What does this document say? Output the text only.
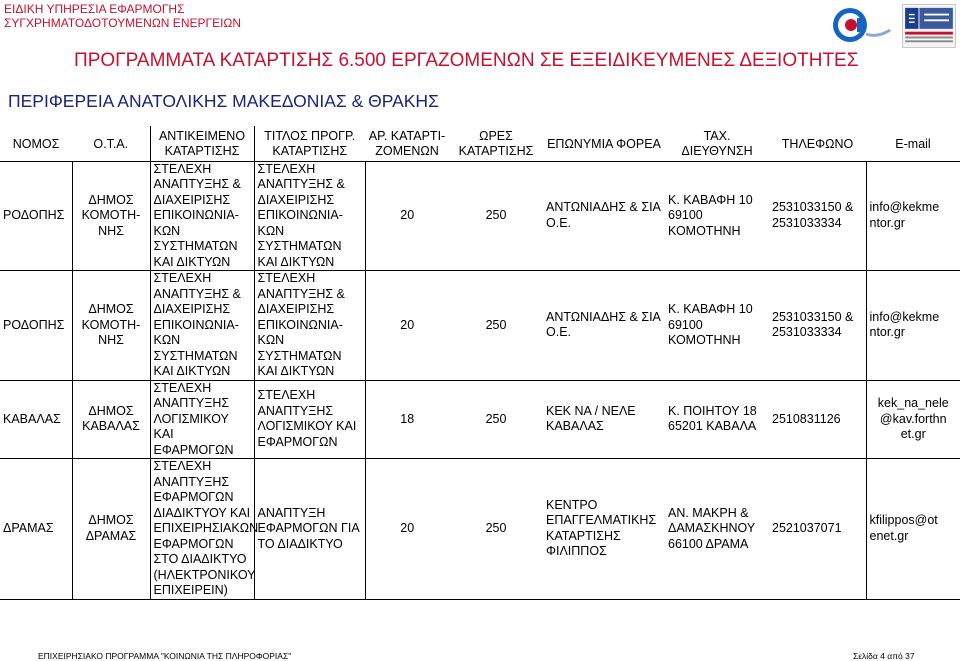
ΕΙΔΙΚΗ ΥΠΗΡΕΣΙΑ ΕΦΑΡΜΟΓΗΣ
ΣΥΓΧΡΗΜΑΤΟΔΟΤΟΥΜΕΝΩΝ ΕΝΕΡΓΕΙΩΝ
ΠΡΟΓΡΑΜΜΑΤΑ ΚΑΤΑΡΤΙΣΗΣ 6.500 ΕΡΓΑΖΟΜΕΝΩΝ ΣΕ ΕΞΕΙΔΙΚΕΥΜΕΝΕΣ ΔΕΞΙΟΤΗΤΕΣ
ΠΕΡΙΦΕΡΕΙΑ ΑΝΑΤΟΛΙΚΗΣ ΜΑΚΕΔΟΝΙΑΣ & ΘΡΑΚΗΣ
ΝΟΜΟΣ	Ο.Τ.Α.	ΑΝΤΙΚΕΙΜΕΝΟ ΚΑΤΑΡΤΙΣΗΣ	ΤΙΤΛΟΣ ΠΡΟΓΡ. ΚΑΤΑΡΤΙΣΗΣ	ΑΡ. ΚΑΤΑΡΤΙ-ΖΟΜΕΝΩΝ	ΩΡΕΣ ΚΑΤΑΡΤΙΣΗΣ	ΕΠΩΝΥΜΙΑ ΦΟΡΕΑ	ΤΑΧ. ΔΙΕΥΘΥΝΣΗ	ΤΗΛΕΦΩΝΟ	E-mail
ΡΟΔΟΠΗΣ	ΔΗΜΟΣ ΚΟΜΟΤΗ-ΝΗΣ	ΣΤΕΛΕΧΗ ΑΝΑΠΤΥΞΗΣ & ΔΙΑΧΕΙΡΙΣΗΣ ΕΠΙΚΟΙΝΩΝΙΑ-ΚΩΝ ΣΥΣΤΗΜΑΤΩΝ ΚΑΙ ΔΙΚΤΥΩΝ	ΣΤΕΛΕΧΗ ΑΝΑΠΤΥΞΗΣ & ΔΙΑΧΕΙΡΙΣΗΣ ΕΠΙΚΟΙΝΩΝΙΑ-ΚΩΝ ΣΥΣΤΗΜΑΤΩΝ ΚΑΙ ΔΙΚΤΥΩΝ	20	250	ΑΝΤΩΝΙΑΔΗΣ & ΣΙΑ Ο.Ε.	Κ. ΚΑΒΑΦΗ 10 69100 ΚΟΜΟΤΗΝΗ	2531033150 & 2531033334	info@kekme ntor.gr
ΡΟΔΟΠΗΣ	ΔΗΜΟΣ ΚΟΜΟΤΗ-ΝΗΣ	ΣΤΕΛΕΧΗ ΑΝΑΠΤΥΞΗΣ & ΔΙΑΧΕΙΡΙΣΗΣ ΕΠΙΚΟΙΝΩΝΙΑ-ΚΩΝ ΣΥΣΤΗΜΑΤΩΝ ΚΑΙ ΔΙΚΤΥΩΝ	ΣΤΕΛΕΧΗ ΑΝΑΠΤΥΞΗΣ & ΔΙΑΧΕΙΡΙΣΗΣ ΕΠΙΚΟΙΝΩΝΙΑ-ΚΩΝ ΣΥΣΤΗΜΑΤΩΝ ΚΑΙ ΔΙΚΤΥΩΝ	20	250	ΑΝΤΩΝΙΑΔΗΣ & ΣΙΑ Ο.Ε.	Κ. ΚΑΒΑΦΗ 10 69100 ΚΟΜΟΤΗΝΗ	2531033150 & 2531033334	info@kekme ntor.gr
ΚΑΒΑΛΑΣ	ΔΗΜΟΣ ΚΑΒΑΛΑΣ	ΣΤΕΛΕΧΗ ΑΝΑΠΤΥΞΗΣ ΛΟΓΙΣΜΙΚΟΥ ΚΑΙ ΕΦΑΡΜΟΓΩΝ	ΣΤΕΛΕΧΗ ΑΝΑΠΤΥΞΗΣ ΛΟΓΙΣΜΙΚΟΥ ΚΑΙ ΕΦΑΡΜΟΓΩΝ	18	250	ΚΕΚ ΝΑ / ΝΕΛΕ ΚΑΒΑΛΑΣ	Κ. ΠΟΙΗΤΟΥ 18 65201 ΚΑΒΑΛΑ	2510831126	kek_na_nele @kav.forthn et.gr
ΔΡΑΜΑΣ	ΔΗΜΟΣ ΔΡΑΜΑΣ	ΣΤΕΛΕΧΗ ΑΝΑΠΤΥΞΗΣ ΕΦΑΡΜΟΓΩΝ ΔΙΑΔΙΚΤΥΟΥ ΚΑΙ ΕΠΙΧΕΙΡΗΣΙΑΚΩΝ ΕΦΑΡΜΟΓΩΝ ΣΤΟ ΔΙΑΔΙΚΤΥΟ (ΗΛΕΚΤΡΟΝΙΚΟΥ ΕΠΙΧΕΙΡΕΙΝ)	ΑΝΑΠΤΥΞΗ ΕΦΑΡΜΟΓΩΝ ΓΙΑ ΤΟ ΔΙΑΔΙΚΤΥΟ	20	250	ΚΕΝΤΡΟ ΕΠΑΓΓΕΛΜΑΤΙΚΗΣ ΚΑΤΑΡΤΙΣΗΣ ΦΙΛΙΠΠΟΣ	ΑΝ. ΜΑΚΡΗ & ΔΑΜΑΣΚΗΝΟΥ 66100 ΔΡΑΜΑ	2521037071	kfilippos@ot enet.gr
ΕΠΙΧΕΙΡΗΣΙΑΚΟ ΠΡΟΓΡΑΜΜΑ "ΚΟΙΝΩΝΙΑ ΤΗΣ ΠΛΗΡΟΦΟΡΙΑΣ"	Σελίδα 4 από 37
